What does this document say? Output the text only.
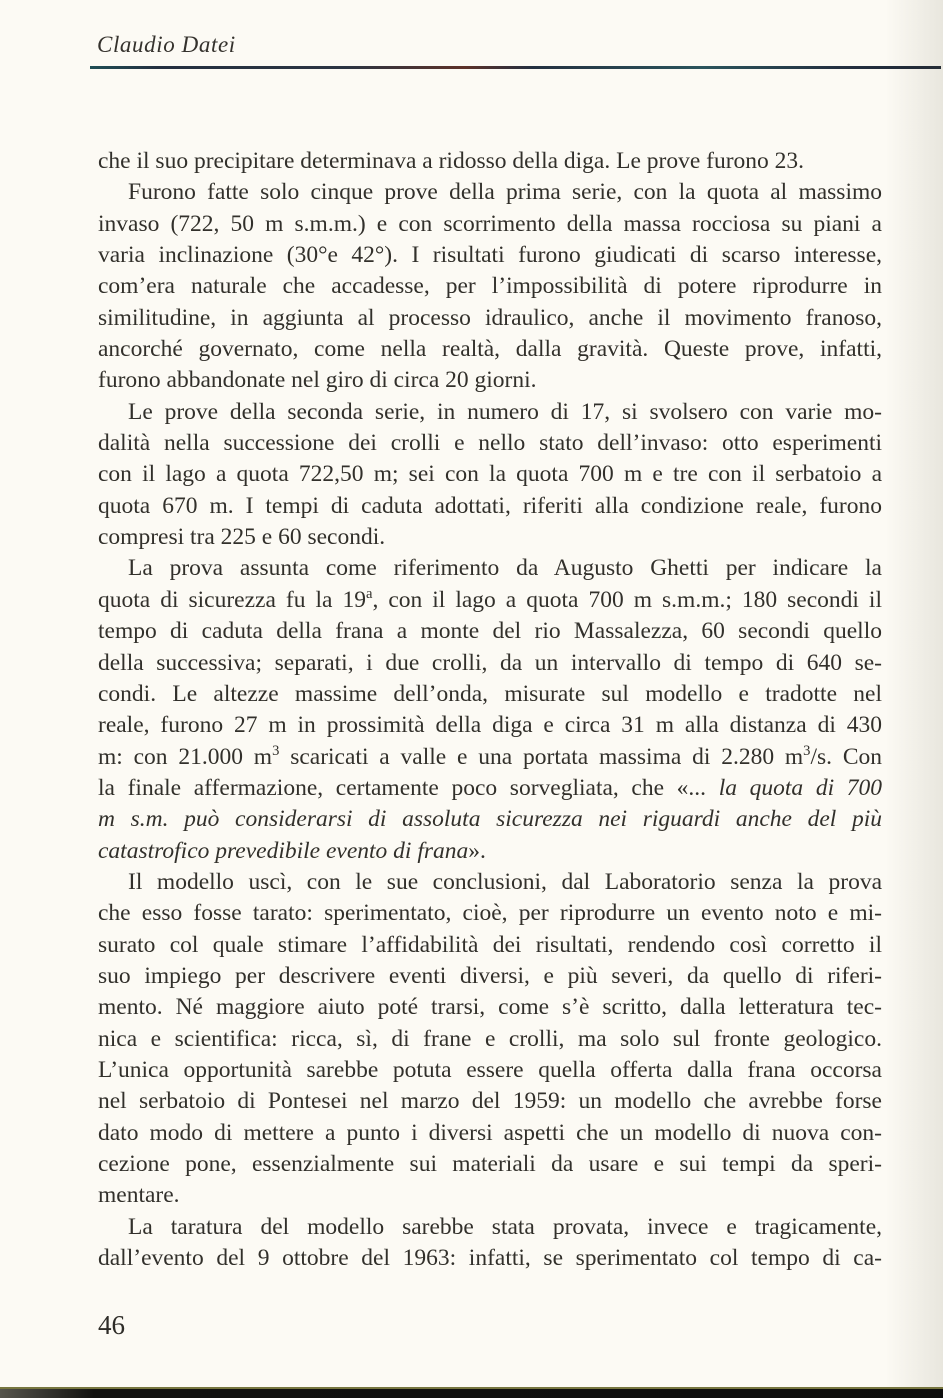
Claudio Datei
che il suo precipitare determinava a ridosso della diga. Le prove furono 23.
Furono fatte solo cinque prove della prima serie, con la quota al massimo
invaso (722, 50 m s.m.m.) e con scorrimento della massa rocciosa su piani a
varia inclinazione (30°e 42°). I risultati furono giudicati di scarso interesse,
com’era naturale che accadesse, per l’impossibilità di potere riprodurre in
similitudine, in aggiunta al processo idraulico, anche il movimento franoso,
ancorché governato, come nella realtà, dalla gravità. Queste prove, infatti,
furono abbandonate nel giro di circa 20 giorni.
Le prove della seconda serie, in numero di 17, si svolsero con varie mo-
dalità nella successione dei crolli e nello stato dell’invaso: otto esperimenti
con il lago a quota 722,50 m; sei con la quota 700 m e tre con il serbatoio a
quota 670 m. I tempi di caduta adottati, riferiti alla condizione reale, furono
compresi tra 225 e 60 secondi.
La prova assunta come riferimento da Augusto Ghetti per indicare la
quota di sicurezza fu la 19$^a$, con il lago a quota 700 m s.m.m.; 180 secondi il
tempo di caduta della frana a monte del rio Massalezza, 60 secondi quello
della successiva; separati, i due crolli, da un intervallo di tempo di 640 se-
condi. Le altezze massime dell’onda, misurate sul modello e tradotte nel
reale, furono 27 m in prossimità della diga e circa 31 m alla distanza di 430
m: con 21.000 $m^3$ scaricati a valle e una portata massima di 2.280 $m^3/s$. Con
la finale affermazione, certamente poco sorvegliata, che «... la quota di 700
m s.m. può considerarsi di assoluta sicurezza nei riguardi anche del più
catastrofico prevedibile evento di frana».
Il modello uscì, con le sue conclusioni, dal Laboratorio senza la prova
che esso fosse tarato: sperimentato, cioè, per riprodurre un evento noto e mi-
surato col quale stimare l’affidabilità dei risultati, rendendo così corretto il
suo impiego per descrivere eventi diversi, e più severi, da quello di riferi-
mento. Né maggiore aiuto poté trarsi, come s’è scritto, dalla letteratura tec-
nica e scientifica: ricca, sì, di frane e crolli, ma solo sul fronte geologico.
L’unica opportunità sarebbe potuta essere quella offerta dalla frana occorsa
nel serbatoio di Pontesei nel marzo del 1959: un modello che avrebbe forse
dato modo di mettere a punto i diversi aspetti che un modello di nuova con-
cezione pone, essenzialmente sui materiali da usare e sui tempi da speri-
mentare.
La taratura del modello sarebbe stata provata, invece e tragicamente,
dall’evento del 9 ottobre del 1963: infatti, se sperimentato col tempo di ca-
46
